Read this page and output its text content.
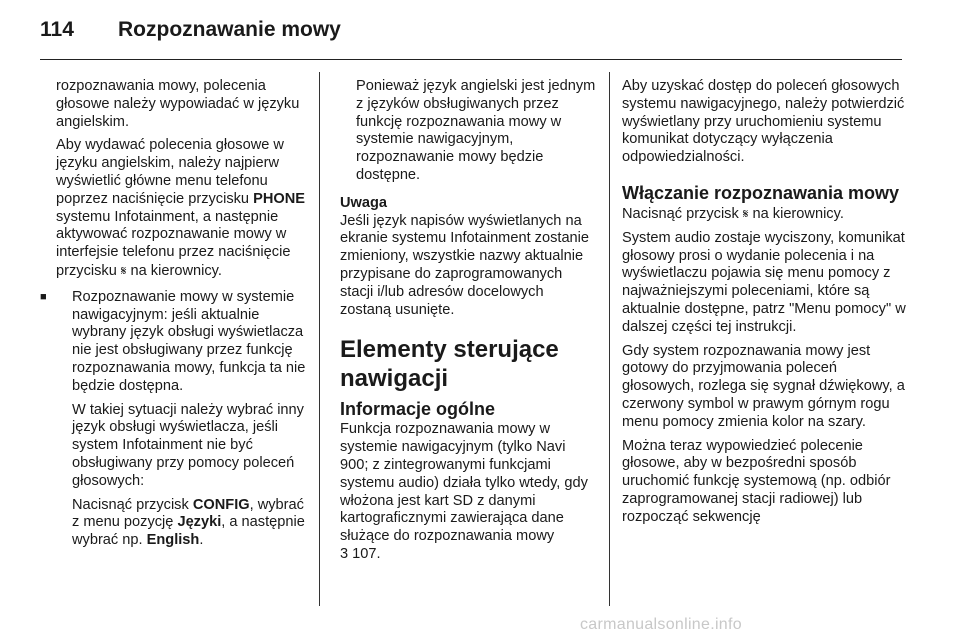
114 Rozpoznawanie mowy

rozpoznawania mowy, polecenia głosowe należy wypowiadać w języku angielskim.

Aby wydawać polecenia głosowe w języku angielskim, należy najpierw wyświetlić główne menu telefonu poprzez naciśnięcie przycisku PHONE systemu Infotainment, a następnie aktywować rozpoznawanie mowy w interfejsie telefonu przez naciśnięcie przycisku 𝄋 na kierownicy.

■ Rozpoznawanie mowy w systemie nawigacyjnym: jeśli aktualnie wybrany język obsługi wyświetlacza nie jest obsługiwany przez funkcję rozpoznawania mowy, funkcja ta nie będzie dostępna.

W takiej sytuacji należy wybrać inny język obsługi wyświetlacza, jeśli system Infotainment nie być obsługiwany przy pomocy poleceń głosowych:

Nacisnąć przycisk CONFIG, wybrać z menu pozycję Języki, a następnie wybrać np. English.

Ponieważ język angielski jest jednym z języków obsługiwanych przez funkcję rozpoznawania mowy w systemie nawigacyjnym, rozpoznawanie mowy będzie dostępne.

Uwaga

Jeśli język napisów wyświetlanych na ekranie systemu Infotainment zostanie zmieniony, wszystkie nazwy aktualnie przypisane do zaprogramowanych stacji i/lub adresów docelowych zostaną usunięte.

Elementy sterujące nawigacji
Informacje ogólne

Funkcja rozpoznawania mowy w systemie nawigacyjnym (tylko Navi 900; z zintegrowanymi funkcjami systemu audio) działa tylko wtedy, gdy włożona jest kart SD z danymi kartograficznymi zawierająca dane służące do rozpoznawania mowy
3 107.

Aby uzyskać dostęp do poleceń głosowych systemu nawigacyjnego, należy potwierdzić wyświetlany przy uruchomieniu systemu komunikat dotyczący wyłączenia odpowiedzialności.

Włączanie rozpoznawania mowy

Nacisnąć przycisk 𝄋 na kierownicy.

System audio zostaje wyciszony, komunikat głosowy prosi o wydanie polecenia i na wyświetlaczu pojawia się menu pomocy z najważniejszymi poleceniami, które są aktualnie dostępne, patrz "Menu pomocy" w dalszej części tej instrukcji.

Gdy system rozpoznawania mowy jest gotowy do przyjmowania poleceń głosowych, rozlega się sygnał dźwiękowy, a czerwony symbol w prawym górnym rogu menu pomocy zmienia kolor na szary.

Można teraz wypowiedzieć polecenie głosowe, aby w bezpośredni sposób uruchomić funkcję systemową (np. odbiór zaprogramowanej stacji radiowej) lub rozpocząć sekwencję

carmanualsonline.info
